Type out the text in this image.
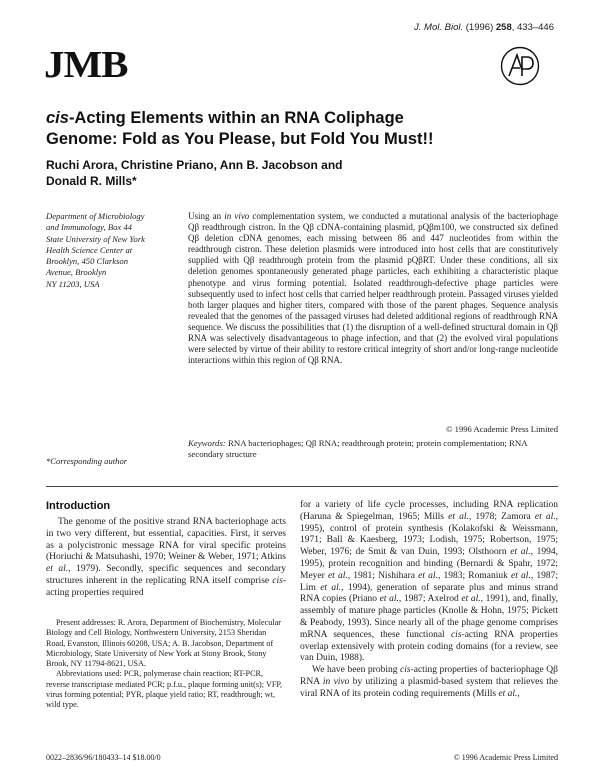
J. Mol. Biol. (1996) 258, 433–446
JMB
cis-Acting Elements within an RNA Coliphage
Genome: Fold as You Please, but Fold You Must!!
Ruchi Arora, Christine Priano, Ann B. Jacobson and
Donald R. Mills*
Department of Microbiology
and Immunology, Box 44
State University of New York
Health Science Center at
Brooklyn, 450 Clarkson
Avenue, Brooklyn
NY 11203, USA
*Corresponding author
Using an in vivo complementation system, we conducted a mutational analysis of the bacteriophage Qβ readthrough cistron. In the Qβ cDNA-containing plasmid, pQβm100, we constructed six defined Qβ deletion cDNA genomes, each missing between 86 and 447 nucleotides from within the readthrough cistron. These deletion plasmids were introduced into host cells that are constitutively supplied with Qβ readthrough protein from the plasmid pQβRT. Under these conditions, all six deletion genomes spontaneously generated phage particles, each exhibiting a characteristic plaque phenotype and virus forming potential. Isolated readthrough-defective phage particles were subsequently used to infect host cells that carried helper readthrough protein. Passaged viruses yielded both larger plaques and higher titers, compared with those of the parent phages. Sequence analysis revealed that the genomes of the passaged viruses had deleted additional regions of readthrough RNA sequence. We discuss the possibilities that (1) the disruption of a well-defined structural domain in Qβ RNA was selectively disadvantageous to phage infection, and that (2) the evolved viral populations were selected by virtue of their ability to restore critical integrity of short and/or long-range nucleotide interactions within this region of Qβ RNA.
© 1996 Academic Press Limited
Keywords: RNA bacteriophages; Qβ RNA; readthrough protein; protein complementation; RNA secondary structure
Introduction

The genome of the positive strand RNA bacteriophage acts in two very different, but essential, capacities. First, it serves as a polycistronic message RNA for viral specific proteins (Horiuchi & Matsuhashi, 1970; Weiner & Weber, 1971; Atkins et al., 1979). Secondly, specific sequences and secondary structures inherent in the replicating RNA itself comprise cis-acting properties required

Present addresses: R. Arora, Department of Biochemistry, Molecular Biology and Cell Biology, Northwestern University, 2153 Sheridan Road, Evanston, Illinois 60208, USA; A. B. Jacobson, Department of Microbiology, State University of New York at Stony Brook, Stony Brook, NY 11794-8621, USA.

Abbreviations used: PCR, polymerase chain reaction; RT-PCR, reverse transcriptase mediated PCR; p.f.u., plaque forming unit(s); VFP, virus forming potential; PYR, plaque yield ratio; RT, readthrough; wt, wild type.

for a variety of life cycle processes, including RNA replication (Haruna & Spiegelman, 1965; Mills et al., 1978; Zamora et al., 1995), control of protein synthesis (Kolakofski & Weissmann, 1971; Ball & Kaesberg, 1973; Lodish, 1975; Robertson, 1975; Weber, 1976; de Smit & van Duin, 1993; Olsthoorn et al., 1994, 1995), protein recognition and binding (Bernardi & Spahr, 1972; Meyer et al., 1981; Nishihara et al., 1983; Romaniuk et al., 1987; Lim et al., 1994), generation of separate plus and minus strand RNA copies (Priano et al., 1987; Axelrod et al., 1991), and, finally, assembly of mature phage particles (Knolle & Hohn, 1975; Pickett & Peabody, 1993). Since nearly all of the phage genome comprises mRNA sequences, these functional cis-acting RNA properties overlap extensively with protein coding domains (for a review, see van Duin, 1988).

We have been probing cis-acting properties of bacteriophage Qβ RNA in vivo by utilizing a plasmid-based system that relieves the viral RNA of its protein coding requirements (Mills et al.,

0022–2836/96/180433–14 $18.00/0	© 1996 Academic Press Limited
